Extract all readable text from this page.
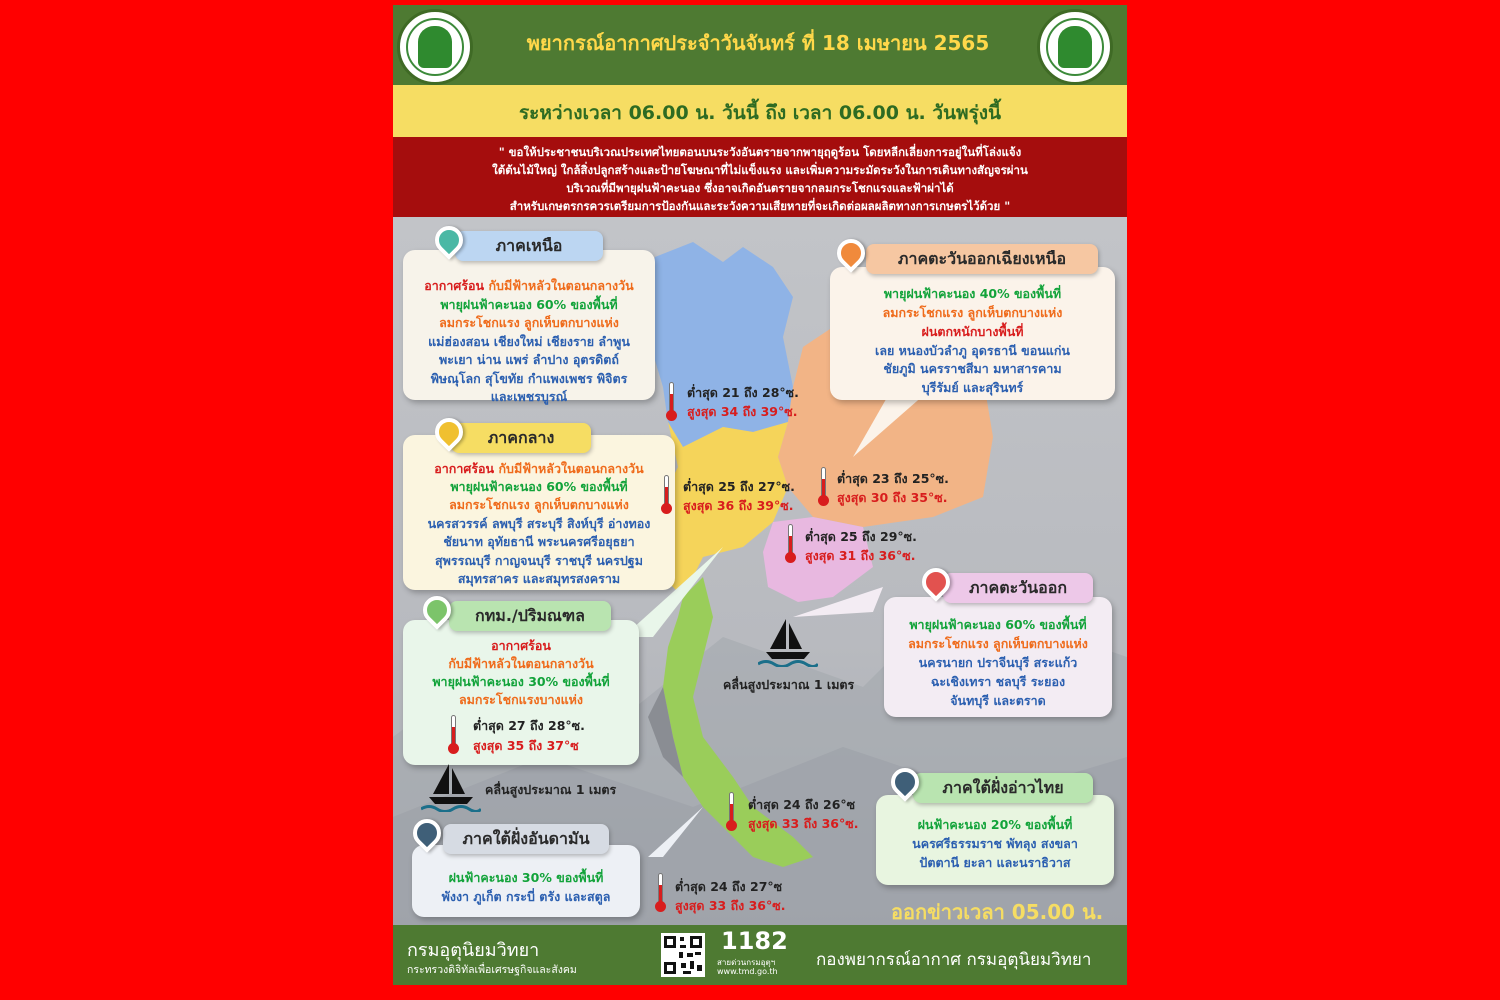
พยากรณ์อากาศประจำวันจันทร์ ที่ 18 เมษายน 2565
ระหว่างเวลา 06.00 น. วันนี้ ถึง เวลา 06.00 น. วันพรุ่งนี้
" ขอให้ประชาชนบริเวณประเทศไทยตอนบนระวังอันตรายจากพายุฤดูร้อน โดยหลีกเลี่ยงการอยู่ในที่โล่งแจ้ง
ใต้ต้นไม้ใหญ่ ใกล้สิ่งปลูกสร้างและป้ายโฆษณาที่ไม่แข็งแรง และเพิ่มความระมัดระวังในการเดินทางสัญจรผ่าน
บริเวณที่มีพายุฝนฟ้าคะนอง ซึ่งอาจเกิดอันตรายจากลมกระโชกแรงและฟ้าผ่าได้
สำหรับเกษตรกรควรเตรียมการป้องกันและระวังความเสียหายที่จะเกิดต่อผลผลิตทางการเกษตรไว้ด้วย "
อากาศร้อน กับมีฟ้าหลัวในตอนกลางวัน
พายุฝนฟ้าคะนอง 60% ของพื้นที่
ลมกระโชกแรง ลูกเห็บตกบางแห่ง
แม่ฮ่องสอน เชียงใหม่ เชียงราย ลำพูน
พะเยา น่าน แพร่ ลำปาง อุตรดิตถ์
พิษณุโลก สุโขทัย กำแพงเพชร พิจิตร
และเพชรบูรณ์
ภาคเหนือ
พายุฝนฟ้าคะนอง 40% ของพื้นที่
ลมกระโชกแรง ลูกเห็บตกบางแห่ง
ฝนตกหนักบางพื้นที่
เลย หนองบัวลำภู อุดรธานี ขอนแก่น
ชัยภูมิ นครราชสีมา มหาสารคาม
บุรีรัมย์ และสุรินทร์
ภาคตะวันออกเฉียงเหนือ
อากาศร้อน กับมีฟ้าหลัวในตอนกลางวัน
พายุฝนฟ้าคะนอง 60% ของพื้นที่
ลมกระโชกแรง ลูกเห็บตกบางแห่ง
นครสวรรค์ ลพบุรี สระบุรี สิงห์บุรี อ่างทอง
ชัยนาท อุทัยธานี พระนครศรีอยุธยา
สุพรรณบุรี กาญจนบุรี ราชบุรี นครปฐม
สมุทรสาคร และสมุทรสงคราม
ภาคกลาง
พายุฝนฟ้าคะนอง 60% ของพื้นที่
ลมกระโชกแรง ลูกเห็บตกบางแห่ง
นครนายก ปราจีนบุรี สระแก้ว
ฉะเชิงเทรา ชลบุรี ระยอง
จันทบุรี และตราด
ภาคตะวันออก
อากาศร้อน
กับมีฟ้าหลัวในตอนกลางวัน
พายุฝนฟ้าคะนอง 30% ของพื้นที่
ลมกระโชกแรงบางแห่ง
กทม./ปริมณฑล
ฝนฟ้าคะนอง 20% ของพื้นที่
นครศรีธรรมราช พัทลุง สงขลา
ปัตตานี ยะลา และนราธิวาส
ภาคใต้ฝั่งอ่าวไทย
ฝนฟ้าคะนอง 30% ของพื้นที่
พังงา ภูเก็ต กระบี่ ตรัง และสตูล
ภาคใต้ฝั่งอันดามัน
ต่ำสุด 21 ถึง 28°ซ.
สูงสุด 34 ถึง 39°ซ.
ต่ำสุด 23 ถึง 25°ซ.
สูงสุด 30 ถึง 35°ซ.
ต่ำสุด 25 ถึง 27°ซ.
สูงสุด 36 ถึง 39°ซ.
ต่ำสุด 25 ถึง 29°ซ.
สูงสุด 31 ถึง 36°ซ.
ต่ำสุด 27 ถึง 28°ซ.
สูงสุด 35 ถึง 37°ซ
ต่ำสุด 24 ถึง 26°ซ
สูงสุด 33 ถึง 36°ซ.
ต่ำสุด 24 ถึง 27°ซ
สูงสุด 33 ถึง 36°ซ.
คลื่นสูงประมาณ 1 เมตร
คลื่นสูงประมาณ 1 เมตร
ออกข่าวเวลา 05.00 น.
กรมอุตุนิยมวิทยา
กระทรวงดิจิทัลเพื่อเศรษฐกิจและสังคม
1182
สายด่วนกรมอุตุฯ
www.tmd.go.th
กองพยากรณ์อากาศ กรมอุตุนิยมวิทยา
